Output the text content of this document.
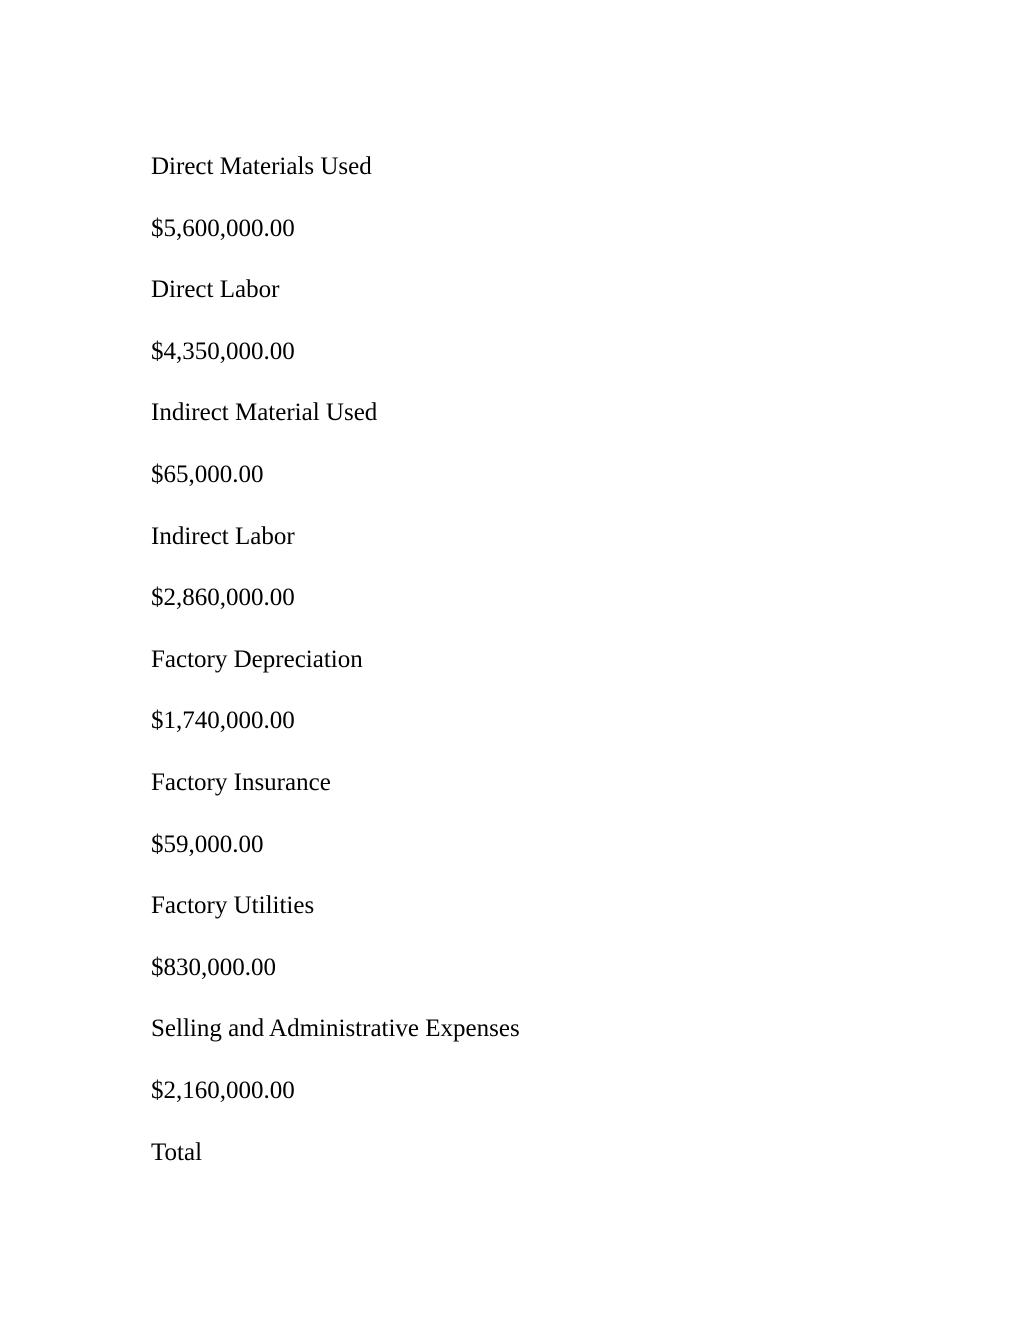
Direct Materials Used

$5,600,000.00

Direct Labor

$4,350,000.00

Indirect Material Used

$65,000.00

Indirect Labor

$2,860,000.00

Factory Depreciation

$1,740,000.00

Factory Insurance

$59,000.00

Factory Utilities

$830,000.00

Selling and Administrative Expenses

$2,160,000.00

Total
